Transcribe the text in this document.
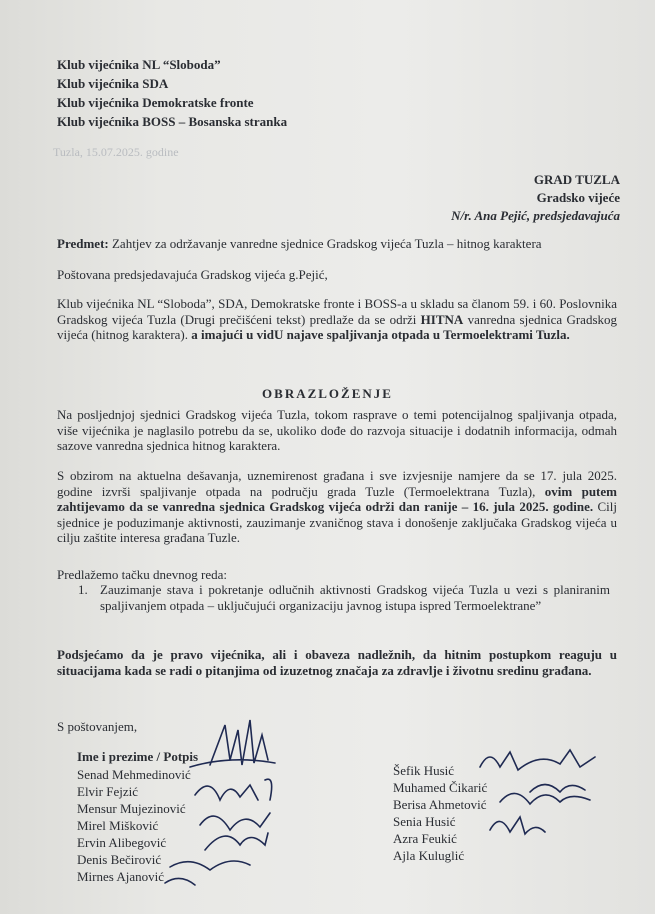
Klub vijećnika NL “Sloboda”
Klub vijećnika SDA
Klub vijećnika Demokratske fronte
Klub vijećnika BOSS – Bosanska stranka
Tuzla, 15.07.2025. godine
GRAD TUZLA
Gradsko vijeće
N/r. Ana Pejić, predsjedavajuća
Predmet: Zahtjev za održavanje vanredne sjednice Gradskog vijeća Tuzla – hitnog karaktera
Poštovana predsjedavajuća Gradskog vijeća g.Pejić,
Klub vijećnika NL “Sloboda”, SDA, Demokratske fronte i BOSS-a u skladu sa članom 59. i 60. Poslovnika Gradskog vijeća Tuzla (Drugi prečišćeni tekst) predlaže da se održi HITNA vanredna sjednica Gradskog vijeća (hitnog karaktera). a imajući u vidU najave spaljivanja otpada u Termoelektrami Tuzla.
OBRAZLOŽENJE
Na posljednjoj sjednici Gradskog vijeća Tuzla, tokom rasprave o temi potencijalnog spaljivanja otpada, više vijećnika je naglasilo potrebu da se, ukoliko dođe do razvoja situacije i dodatnih informacija, odmah sazove vanredna sjednica hitnog karaktera.
S obzirom na aktuelna dešavanja, uznemirenost građana i sve izvjesnije namjere da se 17. jula 2025. godine izvrši spaljivanje otpada na području grada Tuzle (Termoelektrana Tuzla), ovim putem zahtijevamo da se vanredna sjednica Gradskog vijeća održi dan ranije – 16. jula 2025. godine. Cilj sjednice je poduzimanje aktivnosti, zauzimanje zvaničnog stava i donošenje zaključaka Gradskog vijeća u cilju zaštite interesa građana Tuzle.
Predlažemo tačku dnevnog reda:
1. Zauzimanje stava i pokretanje odlučnih aktivnosti Gradskog vijeća Tuzla u vezi s planiranim spaljivanjem otpada – uključujući organizaciju javnog istupa ispred Termoelektrane”
Podsjećamo da je pravo vijećnika, ali i obaveza nadležnih, da hitnim postupkom reaguju u situacijama kada se radi o pitanjima od izuzetnog značaja za zdravlje i životnu sredinu građana.
S poštovanjem,
Ime i prezime / Potpis
Senad Mehmedinović
Elvir Fejzić
Mensur Mujezinović
Mirel Mišković
Ervin Alibegović
Denis Bečirović
Mirnes Ajanović
Šefik Husić
Muhamed Čikarić
Berisa Ahmetović
Senia Husić
Azra Feukić
Ajla Kuluglić
